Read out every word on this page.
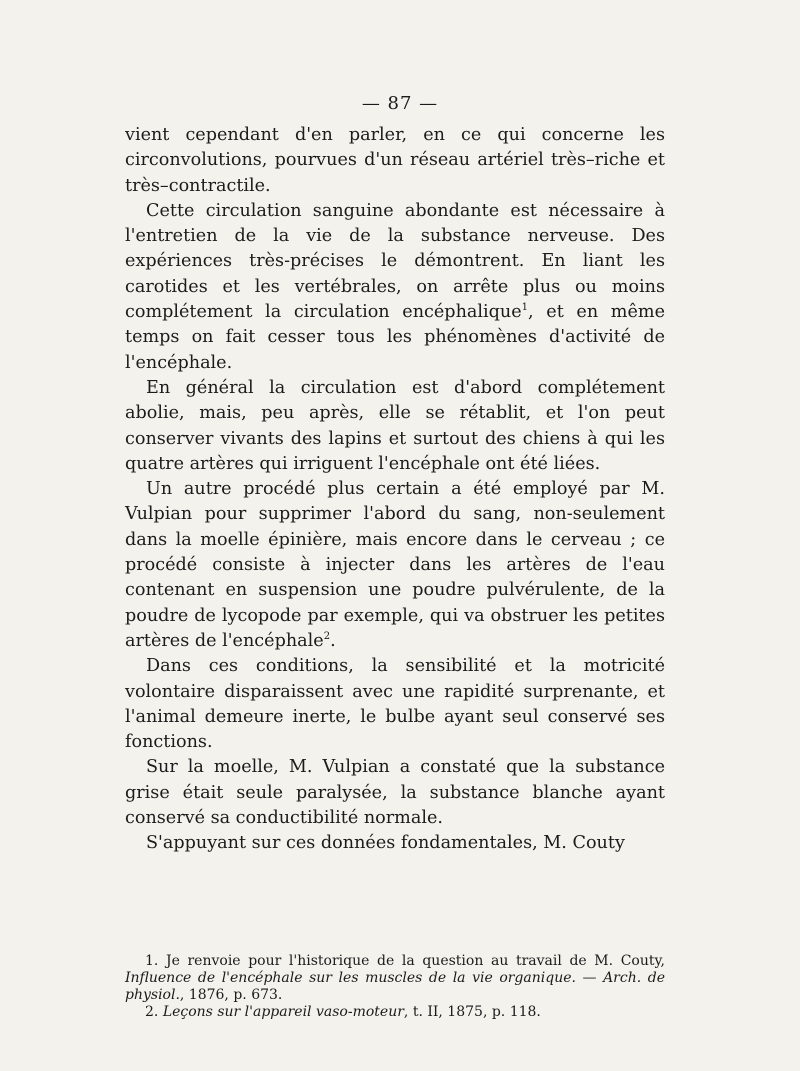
— 87 —

vient cependant d'en parler, en ce qui concerne les circonvolutions, pourvues d'un réseau artériel très–riche et très–contractile.

Cette circulation sanguine abondante est nécessaire à l'entretien de la vie de la substance nerveuse. Des expériences très-précises le démontrent. En liant les carotides et les vertébrales, on arrête plus ou moins complétement la circulation encéphalique$^1$, et en même temps on fait cesser tous les phénomènes d'activité de l'encéphale.

En général la circulation est d'abord complétement abolie, mais, peu après, elle se rétablit, et l'on peut conserver vivants des lapins et surtout des chiens à qui les quatre artères qui irriguent l'encéphale ont été liées.

Un autre procédé plus certain a été employé par M. Vulpian pour supprimer l'abord du sang, non-seulement dans la moelle épinière, mais encore dans le cerveau ; ce procédé consiste à injecter dans les artères de l'eau contenant en suspension une poudre pulvérulente, de la poudre de lycopode par exemple, qui va obstruer les petites artères de l'encéphale$^2$.

Dans ces conditions, la sensibilité et la motricité volontaire disparaissent avec une rapidité surprenante, et l'animal demeure inerte, le bulbe ayant seul conservé ses fonctions.

Sur la moelle, M. Vulpian a constaté que la substance grise était seule paralysée, la substance blanche ayant conservé sa conductibilité normale.

S'appuyant sur ces données fondamentales, M. Couty

1. Je renvoie pour l'historique de la question au travail de M. Couty, Influence de l'encéphale sur les muscles de la vie organique. — Arch. de physiol., 1876, p. 673.

2. Leçons sur l'appareil vaso-moteur, t. II, 1875, p. 118.
